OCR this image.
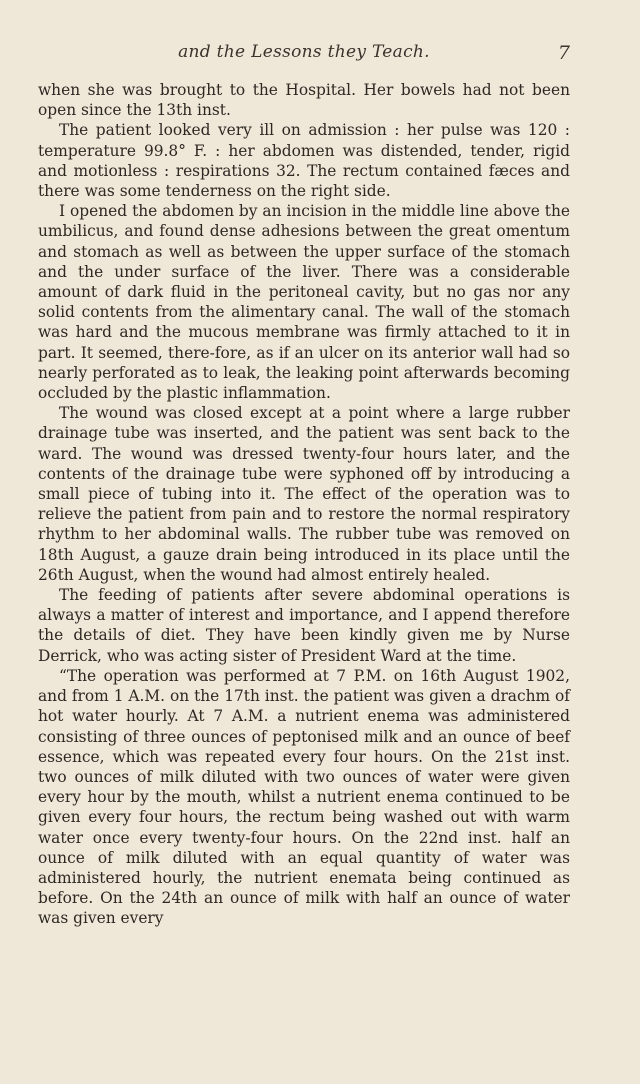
and the Lessons they Teach.	7

when she was brought to the Hospital. Her bowels had not been open since the 13th inst.

The patient looked very ill on admission : her pulse was 120 : temperature 99.8° F. : her abdomen was distended, tender, rigid and motionless : respirations 32. The rectum contained fæces and there was some tenderness on the right side.

I opened the abdomen by an incision in the middle line above the umbilicus, and found dense adhesions between the great omentum and stomach as well as between the upper surface of the stomach and the under surface of the liver. There was a considerable amount of dark fluid in the peritoneal cavity, but no gas nor any solid contents from the alimentary canal. The wall of the stomach was hard and the mucous membrane was firmly attached to it in part. It seemed, there-fore, as if an ulcer on its anterior wall had so nearly perforated as to leak, the leaking point afterwards becoming occluded by the plastic inflammation.

The wound was closed except at a point where a large rubber drainage tube was inserted, and the patient was sent back to the ward. The wound was dressed twenty-four hours later, and the contents of the drainage tube were syphoned off by introducing a small piece of tubing into it. The effect of the operation was to relieve the patient from pain and to restore the normal respiratory rhythm to her abdominal walls. The rubber tube was removed on 18th August, a gauze drain being introduced in its place until the 26th August, when the wound had almost entirely healed.

The feeding of patients after severe abdominal operations is always a matter of interest and importance, and I append therefore the details of diet. They have been kindly given me by Nurse Derrick, who was acting sister of President Ward at the time.

“The operation was performed at 7 P.M. on 16th August 1902, and from 1 A.M. on the 17th inst. the patient was given a drachm of hot water hourly. At 7 A.M. a nutrient enema was administered consisting of three ounces of peptonised milk and an ounce of beef essence, which was repeated every four hours. On the 21st inst. two ounces of milk diluted with two ounces of water were given every hour by the mouth, whilst a nutrient enema continued to be given every four hours, the rectum being washed out with warm water once every twenty-four hours. On the 22nd inst. half an ounce of milk diluted with an equal quantity of water was administered hourly, the nutrient enemata being continued as before. On the 24th an ounce of milk with half an ounce of water was given every
